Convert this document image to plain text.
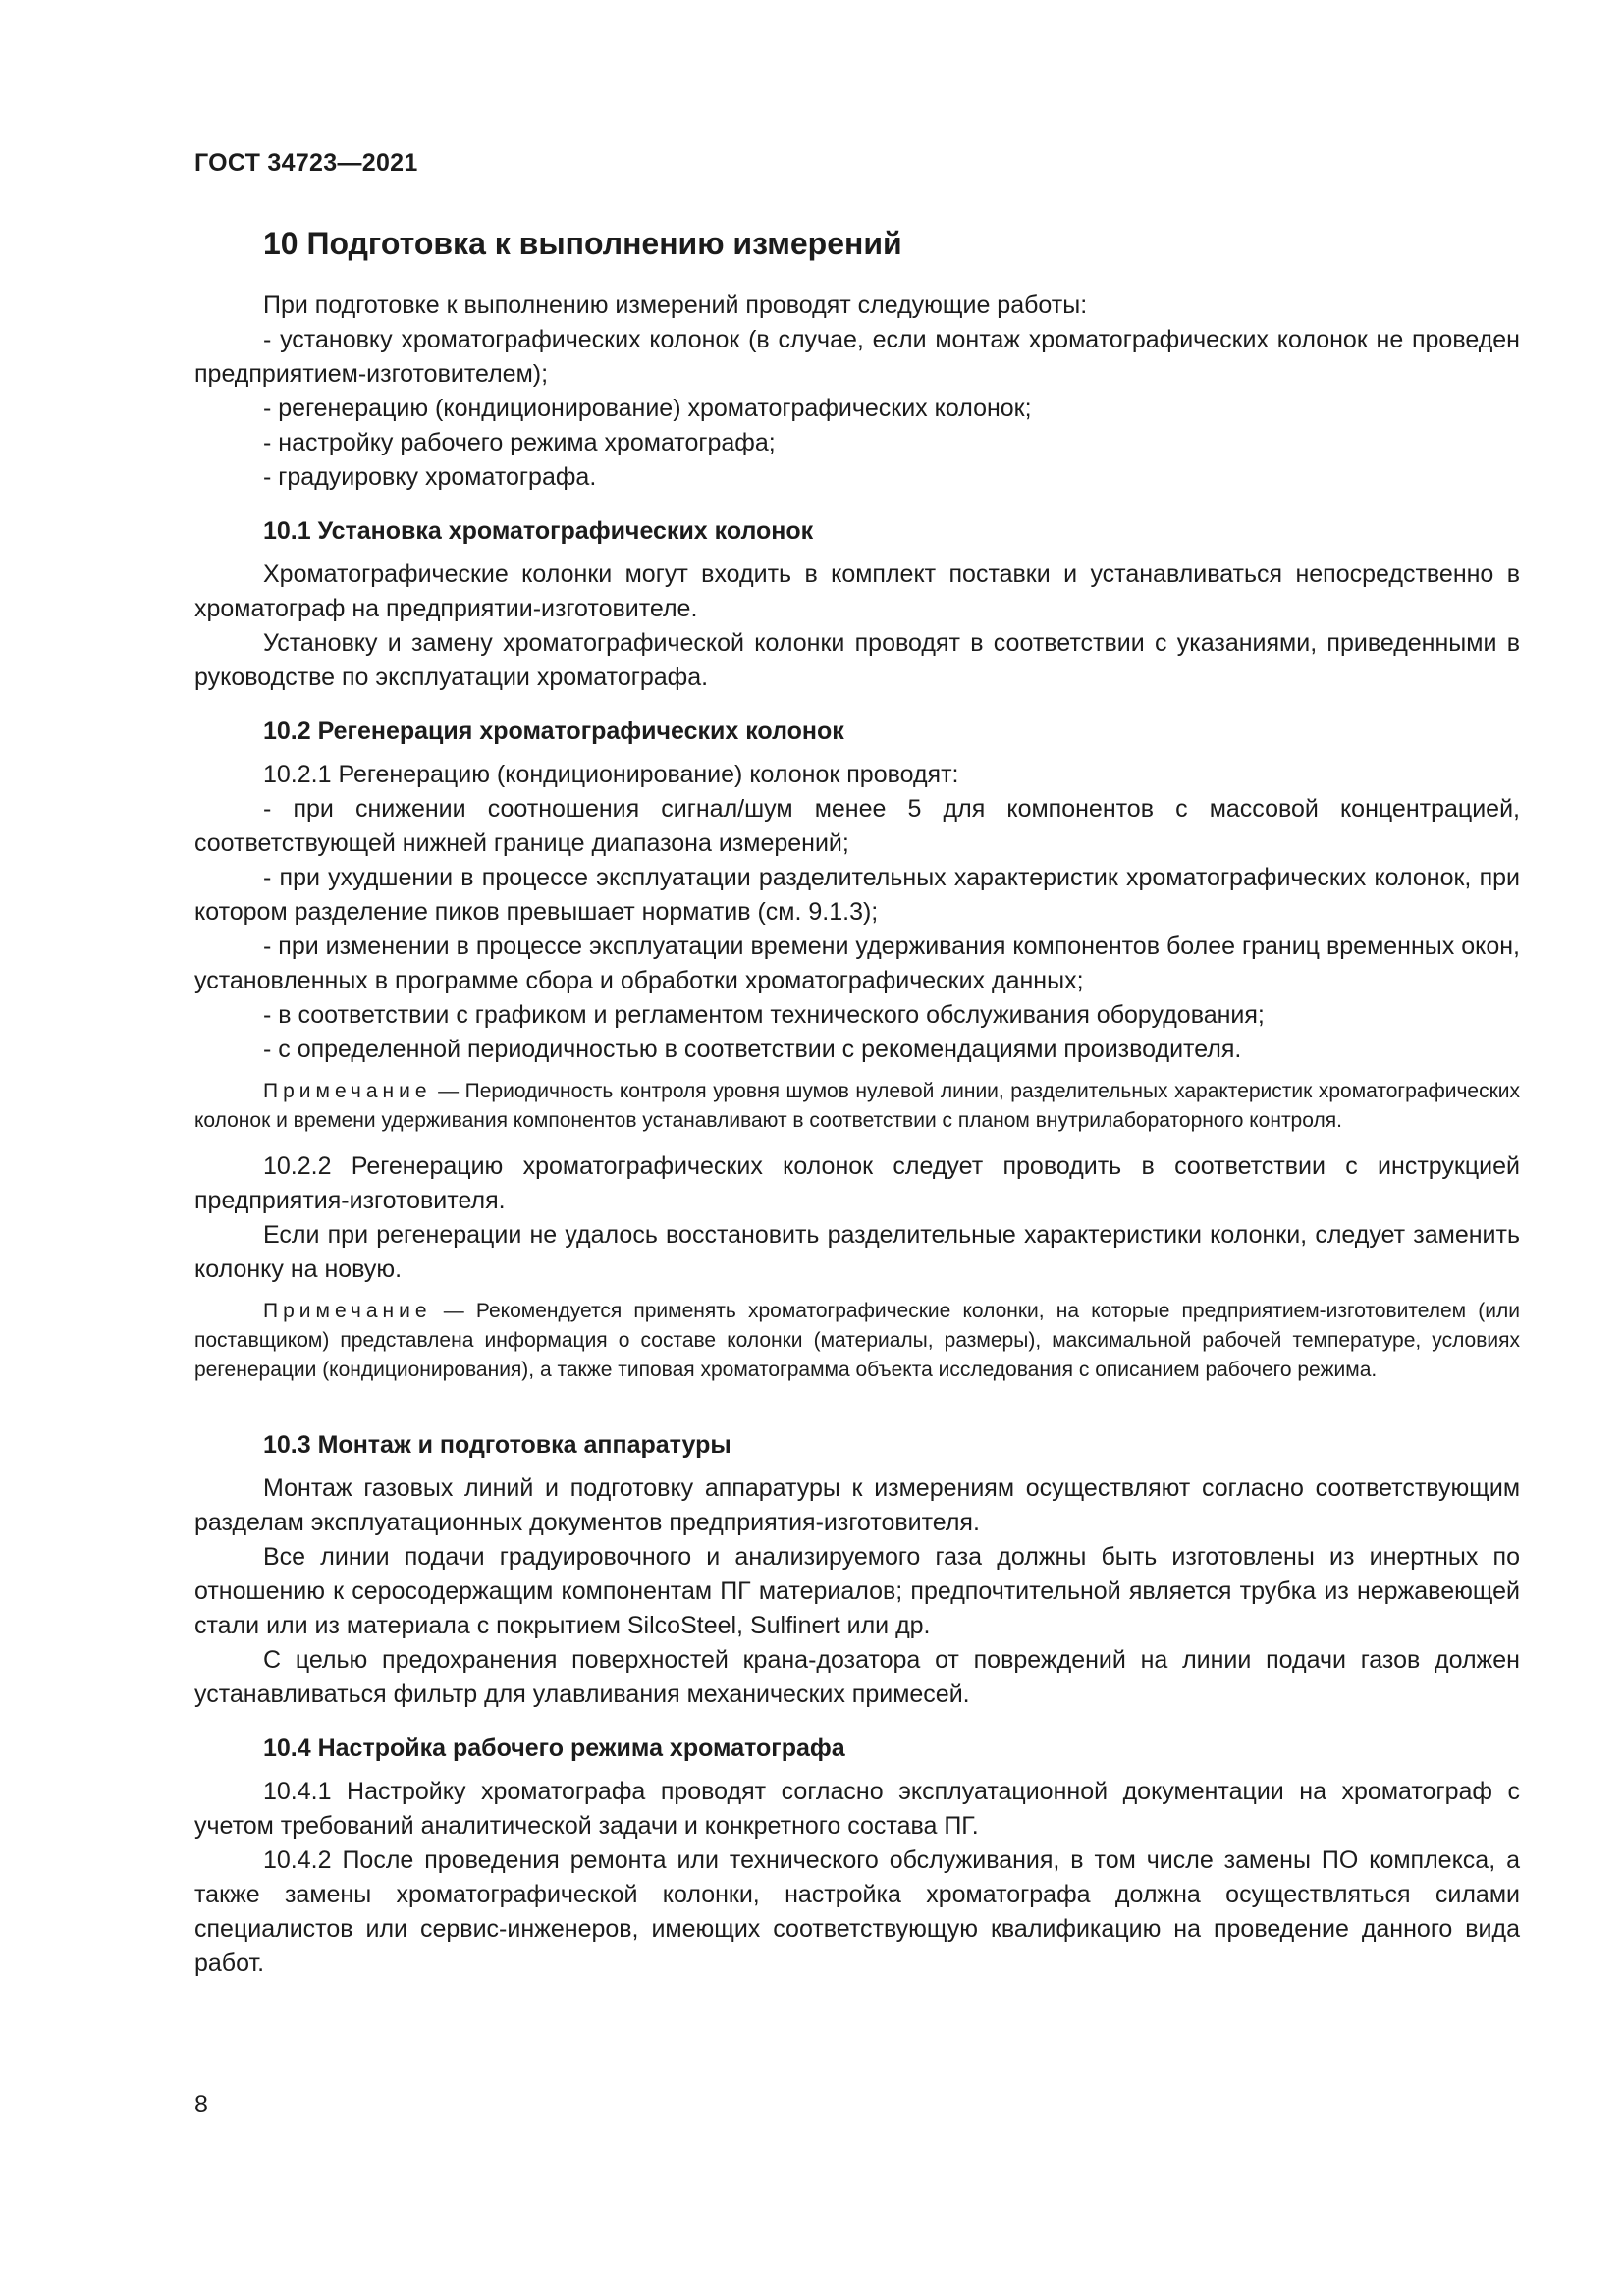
ГОСТ 34723—2021
10 Подготовка к выполнению измерений

При подготовке к выполнению измерений проводят следующие работы:

- установку хроматографических колонок (в случае, если монтаж хроматографических колонок не проведен предприятием-изготовителем);

- регенерацию (кондиционирование) хроматографических колонок;

- настройку рабочего режима хроматографа;

- градуировку хроматографа.

10.1 Установка хроматографических колонок

Хроматографические колонки могут входить в комплект поставки и устанавливаться непосредственно в хроматограф на предприятии-изготовителе.

Установку и замену хроматографической колонки проводят в соответствии с указаниями, приведенными в руководстве по эксплуатации хроматографа.

10.2 Регенерация хроматографических колонок

10.2.1 Регенерацию (кондиционирование) колонок проводят:

- при снижении соотношения сигнал/шум менее 5 для компонентов с массовой концентрацией, соответствующей нижней границе диапазона измерений;

- при ухудшении в процессе эксплуатации разделительных характеристик хроматографических колонок, при котором разделение пиков превышает норматив (см. 9.1.3);

- при изменении в процессе эксплуатации времени удерживания компонентов более границ временных окон, установленных в программе сбора и обработки хроматографических данных;

- в соответствии с графиком и регламентом технического обслуживания оборудования;

- с определенной периодичностью в соответствии с рекомендациями производителя.

Примечание — Периодичность контроля уровня шумов нулевой линии, разделительных характеристик хроматографических колонок и времени удерживания компонентов устанавливают в соответствии с планом внутрилабораторного контроля.

10.2.2 Регенерацию хроматографических колонок следует проводить в соответствии с инструкцией предприятия-изготовителя.

Если при регенерации не удалось восстановить разделительные характеристики колонки, следует заменить колонку на новую.

Примечание — Рекомендуется применять хроматографические колонки, на которые предприятием-изготовителем (или поставщиком) представлена информация о составе колонки (материалы, размеры), максимальной рабочей температуре, условиях регенерации (кондиционирования), а также типовая хроматограмма объекта исследования с описанием рабочего режима.

10.3 Монтаж и подготовка аппаратуры

Монтаж газовых линий и подготовку аппаратуры к измерениям осуществляют согласно соответствующим разделам эксплуатационных документов предприятия-изготовителя.

Все линии подачи градуировочного и анализируемого газа должны быть изготовлены из инертных по отношению к серосодержащим компонентам ПГ материалов; предпочтительной является трубка из нержавеющей стали или из материала с покрытием SilcoSteel, Sulfinert или др.

С целью предохранения поверхностей крана-дозатора от повреждений на линии подачи газов должен устанавливаться фильтр для улавливания механических примесей.

10.4 Настройка рабочего режима хроматографа

10.4.1 Настройку хроматографа проводят согласно эксплуатационной документации на хроматограф с учетом требований аналитической задачи и конкретного состава ПГ.

10.4.2 После проведения ремонта или технического обслуживания, в том числе замены ПО комплекса, а также замены хроматографической колонки, настройка хроматографа должна осуществляться силами специалистов или сервис-инженеров, имеющих соответствующую квалификацию на проведение данного вида работ.

8
